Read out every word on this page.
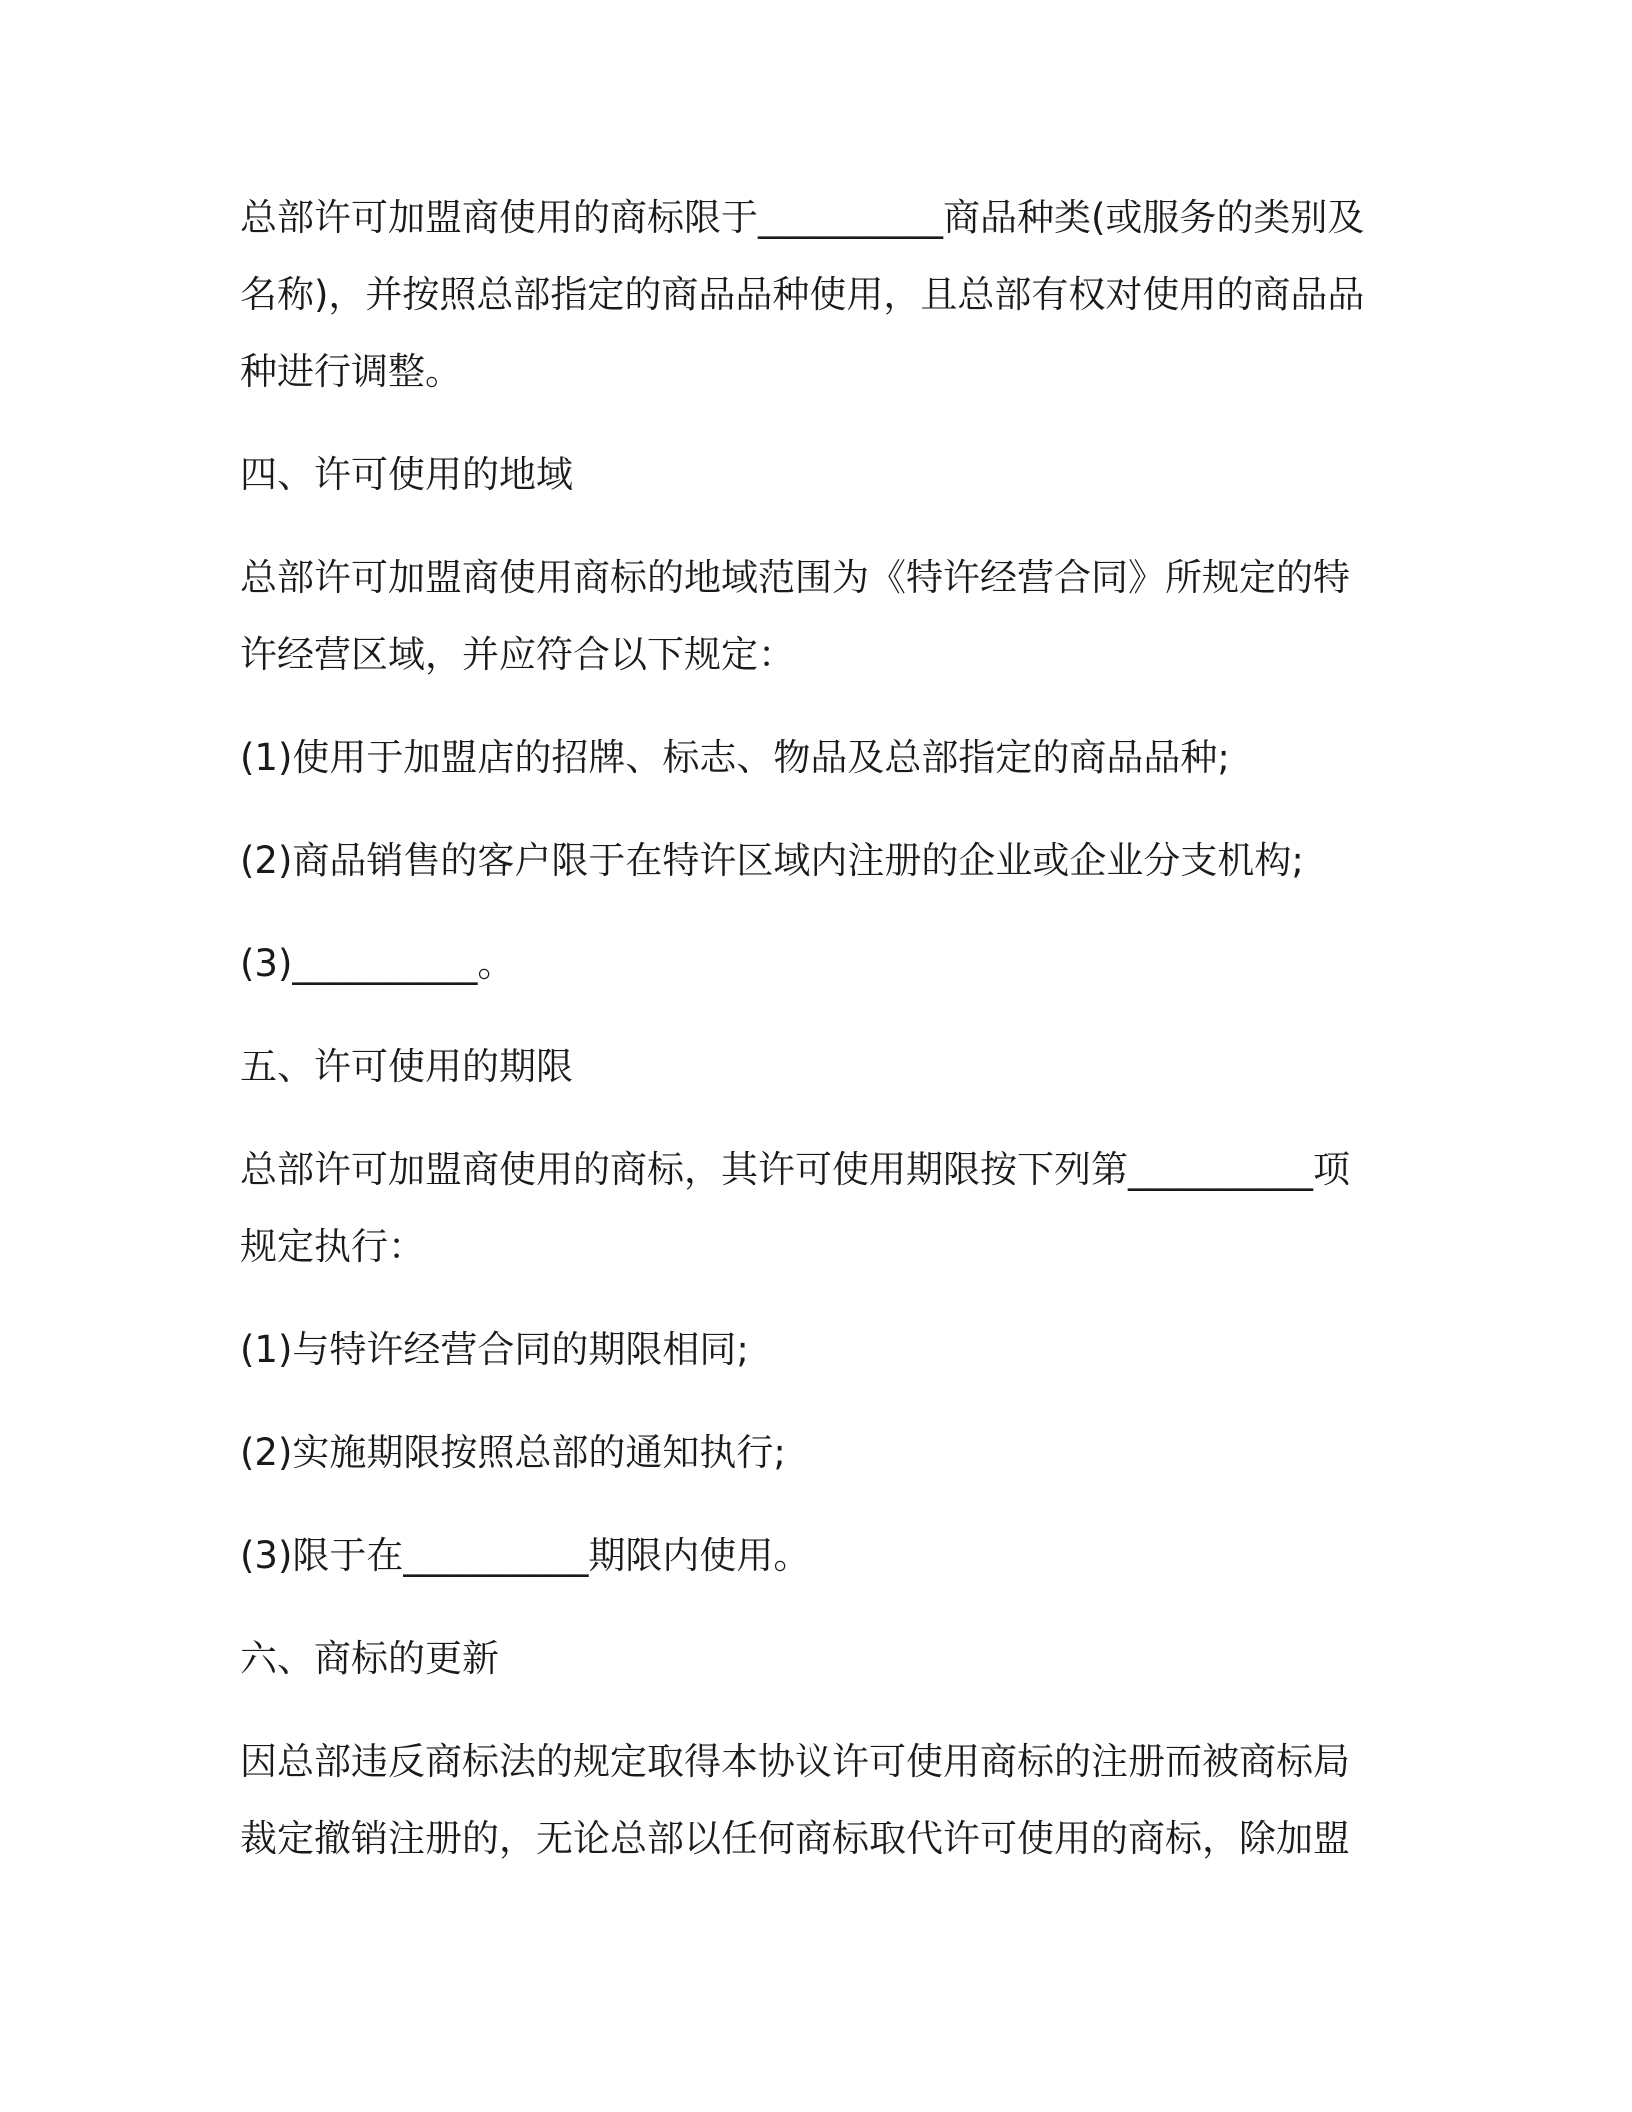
总部许可加盟商使用的商标限于__________商品种类(或服务的类别及
名称)，并按照总部指定的商品品种使用，且总部有权对使用的商品品
种进行调整。
四、许可使用的地域
总部许可加盟商使用商标的地域范围为《特许经营合同》所规定的特
许经营区域，并应符合以下规定：
(1)使用于加盟店的招牌、标志、物品及总部指定的商品品种;
(2)商品销售的客户限于在特许区域内注册的企业或企业分支机构;
(3)__________。
五、许可使用的期限
总部许可加盟商使用的商标，其许可使用期限按下列第__________项
规定执行：
(1)与特许经营合同的期限相同;
(2)实施期限按照总部的通知执行;
(3)限于在__________期限内使用。
六、商标的更新
因总部违反商标法的规定取得本协议许可使用商标的注册而被商标局
裁定撤销注册的，无论总部以任何商标取代许可使用的商标，除加盟
